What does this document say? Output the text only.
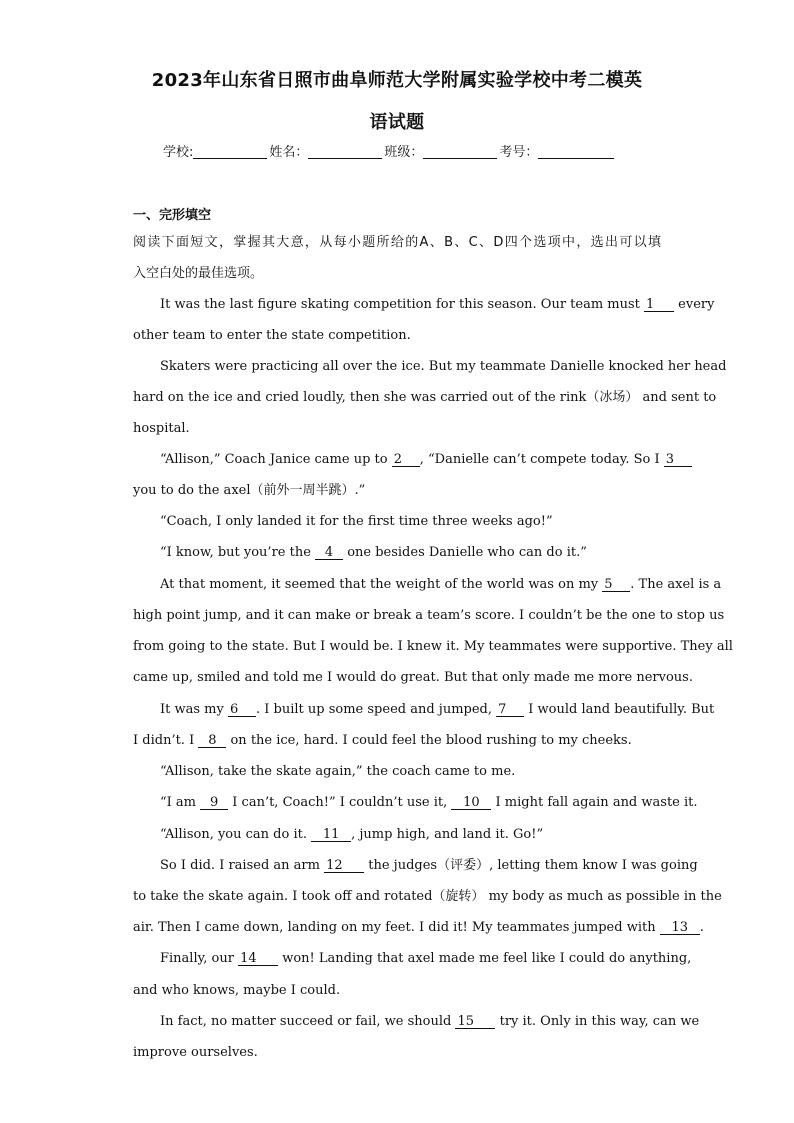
2023年山东省日照市曲阜师范大学附属实验学校中考二模英
语试题
学校:	姓名：	班级：	考号：
一、完形填空
阅读下面短文，掌握其大意，从每小题所给的A、B、C、D四个选项中，选出可以填
入空白处的最佳选项。
It was the last figure skating competition for this season. Our team must 1 every
other team to enter the state competition.
Skaters were practicing all over the ice. But my teammate Danielle knocked her head
hard on the ice and cried loudly, then she was carried out of the rink（冰场） and sent to
hospital.
“Allison,” Coach Janice came up to 2 , “Danielle can’t compete today. So I 3
you to do the axel（前外一周半跳）.”
“Coach, I only landed it for the first time three weeks ago!”
“I know, but you’re the 4 one besides Danielle who can do it.”
At that moment, it seemed that the weight of the world was on my 5 . The axel is a
high point jump, and it can make or break a team’s score. I couldn’t be the one to stop us
from going to the state. But I would be. I knew it. My teammates were supportive. They all
came up, smiled and told me I would do great. But that only made me more nervous.
It was my 6 . I built up some speed and jumped, 7 I would land beautifully. But
I didn’t. I 8 on the ice, hard. I could feel the blood rushing to my cheeks.
“Allison, take the skate again,” the coach came to me.
“I am 9 I can’t, Coach!” I couldn’t use it, 10 I might fall again and waste it.
“Allison, you can do it. 11 , jump high, and land it. Go!”
So I did. I raised an arm 12 the judges（评委）, letting them know I was going
to take the skate again. I took off and rotated（旋转） my body as much as possible in the
air. Then I came down, landing on my feet. I did it! My teammates jumped with 13 .
Finally, our 14 won! Landing that axel made me feel like I could do anything,
and who knows, maybe I could.
In fact, no matter succeed or fail, we should 15 try it. Only in this way, can we
improve ourselves.
